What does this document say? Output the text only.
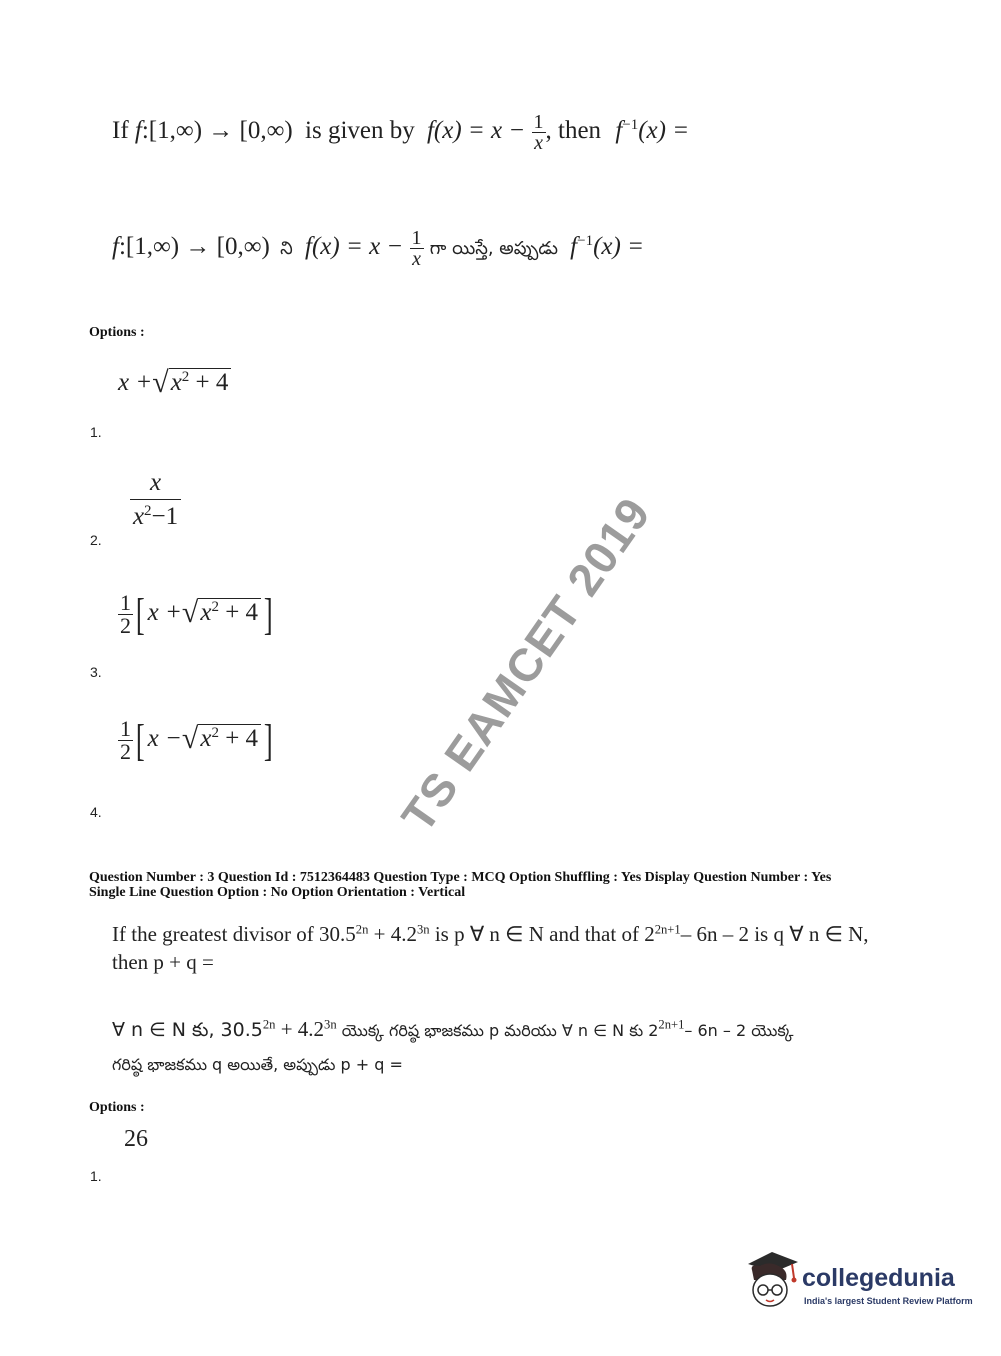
If f:[1,∞) → [0,∞) is given by $f(x) = x - \frac{1}{x}$ , then $f^{-1}(x)$ =
f:[1,∞) → [0,∞) ని $f(x) = x - \frac{1}{x}$ గా యిస్తే, అప్పుడు $f^{-1}(x)$ =
Options :
$x +√x^2 + 4$
1.
$\frac{x}{x^2-1}$
2.
$\frac{1}{2}$ [ $x +√x^2 + 4$ ]
3.
$\frac{1}{2}$ [ $x -√x^2 + 4$ ]
4.	TS EAMCET 2019
Question Number : 3 Question Id : 7512364483 Question Type : MCQ Option Shuffling : Yes Display Question Number : Yes
Single Line Question Option : No Option Orientation : Vertical
If the greatest divisor of $30.5^{2n} + 4.2^{3n}$ is p ∀ n ∈ N and that of $2^{2n+1}-$ 6n – 2 is q ∀ n ∈ N,
then p + q =
∀ n ∈ N కు, $30.5^{2n} + 4.2^{3n}$ యొక్క గరిష్ఠ భాజకము p మరియు ∀ n ∈ N కు $2^{2n+1}-$ 6n – 2 యొక్క
గరిష్ఠ భాజకము q అయితే, అప్పుడు p + q =
Options :
26
1.
collegedunia
India's largest Student Review Platform
